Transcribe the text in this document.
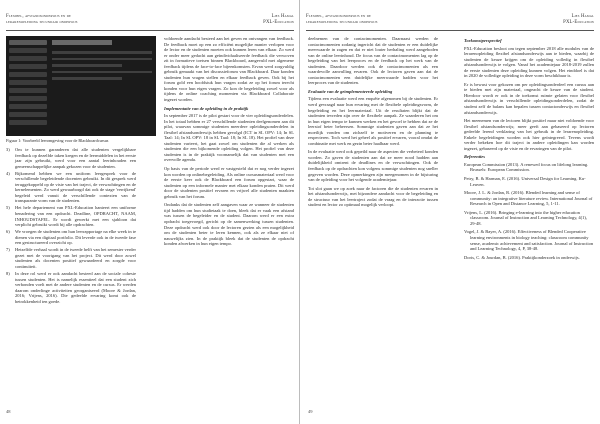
Flexibel, afstandsonderwijs en de
lerarenopleiding secundair onderwijs
Lies Hamal
PXL-Education
Figuur 1: Voorbeeld leeromgeving voor de Blackboardcursus
3) Om te kunnen garanderen dat alle studenten vergelijkbare feedback op dezelfde taken kregen en de leermiddelen in het eerste jaar zijn gebruikt, werd voor een aantal leerinhouden een gemeenschappelijke aanpak gekozen voor de studenten.
4) Bijkomend hebben we een uniform leergesprek voor de verschillende begeleidende docenten gebruikt. In dit gesprek werd teruggekoppeld op de visie van het traject, de verwachtingen en de kernelementen. Zo werd gewaarborgd dat ook de stage 'verrijkend' begeleid werd vanuit de verschillende contexten van de transparante vorm van de studenten.
5) Het hele departement van PXL-Education hanteert een uniforme benadering van een opdracht. Deadline, OPDRACHT, NAAM, INHOUDSTAFEL. Er wordt gewerkt met een sjabloon dat verplicht gebruikt wordt bij alle opdrachten.
6) We vroegen de studenten om hun leerrapportage na elke week in te dienen via een digitaal portfolio. Dit leverde ook in de tweede fase een gestructureerd overzicht op.
7) Hetzelfde verhaal wordt in de tweede helft van het semester verder gezet met de voortgang van het project. Dit werd door zowel studenten als docenten positief gewaardeerd en zorgde voor continuïteit.
8) In deze rol werd er ook aandacht besteed aan de sociale cohesie tussen studenten. Het is namelijk essentieel dat een student zich verbonden voelt met de andere studenten en de cursus. Er werden daarom onderlinge activiteiten georganiseerd (Moore & Jordan, 2016; Vrijens, 2016). Die gedeelde ervaring komt ook de betrokkenheid ten goede.

voldoende aandacht besteed aan het geven en ontvangen van feedback. De feedback moet op een zo efficiënt mogelijke manier verlopen voor de lector en de studenten moeten ook kunnen leren van elkaar. Zo werd er onder meer gedacht aan geïndividualiseerde feedback die verwoven zit in formatieve toetsen binnen Blackboard, aangevuld met algemene feedback tijdens de face-to-face bijeenkomsten. Ervan werd zorgvuldig gebruik gemaakt van het discussieforum van Blackboard. Daar konden studenten hun vragen stellen en elkaar feedback geven. Ook bij het forum gold een hoofdstuk hun vragen zodat ze op het forum terecht konden voor hun eigen vragen. Zo kon de begeleiding zowel voor als tijdens de online coaching momenten via Blackboard Collaborate ingezet worden.

Implementatie van de opleiding in de praktijk

In september 2017 is de pilot gestart voor de vier opleidingsonderdelen. In het totaal hebben er 27 verschillende studenten deelgenomen aan dit pilot, waarvan sommige studenten meerdere opleidingsonderdelen in flexibel afstandsonderwijs hebben gevolgd (ICT in SL OPV: 14; In SL Taal: 14; In SL OPV: 18 in SL Taal: 18; In SL 18). Het profiel van deze studenten varieert, het gaat zowel om studenten die al werken als studenten die een bijkomende opleiding volgen. Het profiel van deze studenten is in de praktijk voornamelijk dat van studenten met een overvolle agenda.

Op basis van de periode werd er vastgesteld dat er nog verder ingezet kon worden op onlinebegeleiding. Als online cursusmateriaal werd voor de eerste keer ook de Blackboard een forum opgestart, waar de studenten op een informele manier met elkaar konden praten. Dit werd door de studenten positief ervaren en vrijwel alle studenten maakten gebruik van het forum.

Ondanks dat de studenten zelf aangaven waar ze wanneer de studenten tijd hadden om hun studietaak te doen, bleek dat er vaak een afstand was tussen de begeleider en de student. Daarom werd er een extra opdracht toegevoegd, gericht op de samenwerking tussen studenten. Deze opdracht werd ook door de lectoren gezien als een mogelijkheid om de studenten beter te leren kennen, ook als ze elkaar niet of nauwelijks zien. In de praktijk bleek dat de studenten de opdracht konden afwerken in hun eigen tempo.

48
Flexibel, afstandsonderwijs en de
lerarenopleiding secundair onderwijs
Lies Hamal
PXL-Education

deelnemen van de contactmomenten. Daarnaast werden de contactmomenten zodanig ingericht dat de studenten er een duidelijke meerwaarde in zagen en dat er niet louter herhaling werd aangeboden van de online leerinhoud. De focus van de contactmomenten lag op de begeleiding van het leerproces en de feedback op het werk van de studenten. Daardoor werden ook de contactmomenten als een waardevolle aanvulling ervaren. Ook de lectoren gaven aan dat de contactmomenten een duidelijke meerwaarde hadden voor het leerproces van de studenten.

Evaluatie van de geïmplementeerde opleiding

Tijdens een evaluatie werd een enquête afgenomen bij de studenten. Er werd gevraagd naar hun ervaring met de flexibele opleidingsvorm, de begeleiding en het leermateriaal. Uit de resultaten blijkt dat de studenten tevreden zijn over de flexibele aanpak. Ze waarderen het om in hun eigen tempo te kunnen werken en het gevoel te hebben dat ze de leerstof beter beheersen. Sommige studenten gaven aan dat ze het moeilijk vonden om zichzelf te motiveren en de planning te respecteren. Toch werd het geheel als positief ervaren, vooral omdat de combinatie met werk en gezin beter haalbaar werd.

In de evaluatie werd ook gepeild naar de aspecten die verbeterd konden worden. Zo gaven de studenten aan dat ze meer nood hadden aan duidelijkheid omtrent de deadlines en de verwachtingen. Ook de feedback op de opdrachten kon volgens sommige studenten nog sneller gegeven worden. Deze opmerkingen zijn meegenomen in de bijsturing van de opleiding voor het volgende academiejaar.

Tot slot gaan we op zoek naar de factoren die de studenten ervaren in het afstandsonderwijs, met bijzondere aandacht voor de begeleiding en de structuur van het leertraject zodat de vraag en de interactie tussen student en lector zo optimaal mogelijk verloopt.

Toekomstperspectief

PXL-Education besloot om tegen september 2018 alle modules van de lerarenopleiding flexibel afstandsonderwijs aan te bieden, waarbij de studenten de keuze krijgen om de opleiding volledig in flexibel afstandsonderwijs te volgen. Vanaf het academiejaar 2018-2019 zullen de eerste studenten deze opleiding kunnen volgen. Het einddoel is dat in 2020 de volledige opleiding in deze vorm beschikbaar is.

Er is bewust voor gekozen om per opleidingsonderdeel een cursus aan te bieden met zijn materiaal, ongeacht de keuze van de student. Hierdoor wordt er ook in de toekomst ruimte gelaten voor flexibel afstandsonderwijs in verschillende opleidingsonderdelen, zodat de student zelf de balans kan bepalen tussen contactonderwijs en flexibel afstandsonderwijs.

Het meenemen van de lectoren blijkt positief maar niet voldoende voor flexibel afstandsonderwijs; meer geeft aan gebaseerd op lectoren gedeelde lerend verklaring van het gebruik in de lerarenopleiding. Enkele begeleidingen worden ook hier geïntegreerd. Tevens wordt verder bekeken hoe dit traject in andere opleidingen kan worden ingezet, gebaseerd op de visie en de ervaringen van de pilot.

Referenties

European Commission (2013). A renewed focus on lifelong learning. Brussels: European Commission.

Petry, B. & Harman, E. (2016). Universal Design for Learning. Ku-Leuven.

Moore, J. L. & Jordan, R. (2016). Blended learning and sense of community: an integrative literature review. International Journal of Research in Open and Distance Learning, 5, 1-11.

Vrijens, L. (2016). Bringing e-learning into the higher education classroom. Journal of Instruction and Learning Technology, 4(1), 29-48.

Vogel, J. & Bayer, A. (2016). Effectiveness of Blended Cooperative learning environments in biology teaching: classroom community sense, academic achievement and satisfaction. Journal of Instruction and Learning Technology, 4, P, 38-48.

Doris, C. & Jourdan, B. (2016). Praktijkonderzoek in onderwijs.

49
